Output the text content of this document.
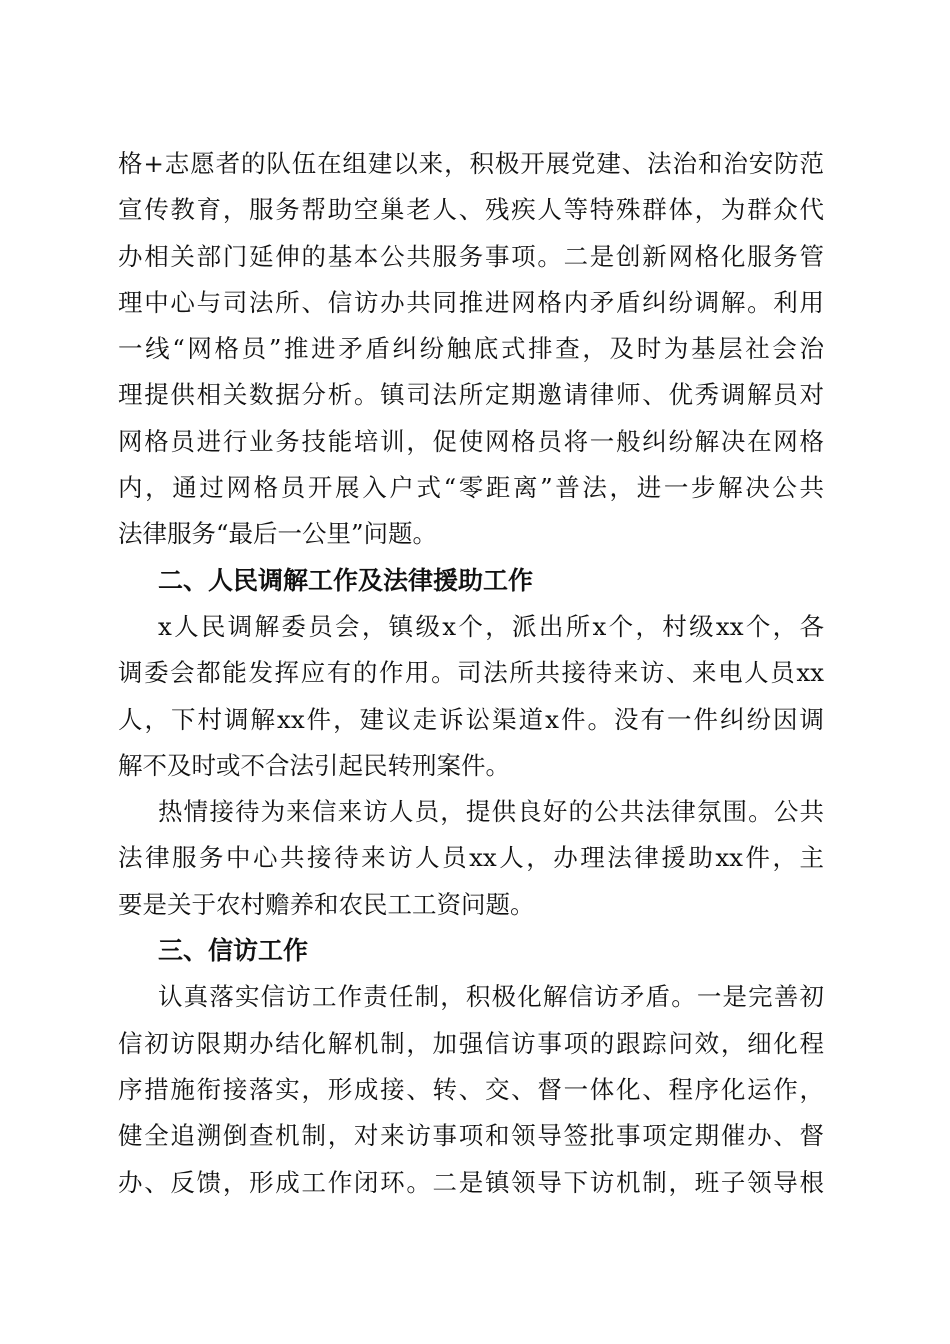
格+志愿者的队伍在组建以来，积极开展党建、法治和治安防范
宣传教育，服务帮助空巢老人、残疾人等特殊群体，为群众代
办相关部门延伸的基本公共服务事项。二是创新网格化服务管
理中心与司法所、信访办共同推进网格内矛盾纠纷调解。利用
一线“网格员”推进矛盾纠纷触底式排查，及时为基层社会治
理提供相关数据分析。镇司法所定期邀请律师、优秀调解员对
网格员进行业务技能培训，促使网格员将一般纠纷解决在网格
内，通过网格员开展入户式“零距离”普法，进一步解决公共
法律服务“最后一公里”问题。
二、人民调解工作及法律援助工作
x人民调解委员会，镇级x个，派出所x个，村级xx个，各
调委会都能发挥应有的作用。司法所共接待来访、来电人员xx
人，下村调解xx件，建议走诉讼渠道x件。没有一件纠纷因调
解不及时或不合法引起民转刑案件。
热情接待为来信来访人员，提供良好的公共法律氛围。公共
法律服务中心共接待来访人员xx人，办理法律援助xx件，主
要是关于农村赡养和农民工工资问题。
三、信访工作
认真落实信访工作责任制，积极化解信访矛盾。一是完善初
信初访限期办结化解机制，加强信访事项的跟踪问效，细化程
序措施衔接落实，形成接、转、交、督一体化、程序化运作，
健全追溯倒查机制，对来访事项和领导签批事项定期催办、督
办、反馈，形成工作闭环。二是镇领导下访机制，班子领导根
